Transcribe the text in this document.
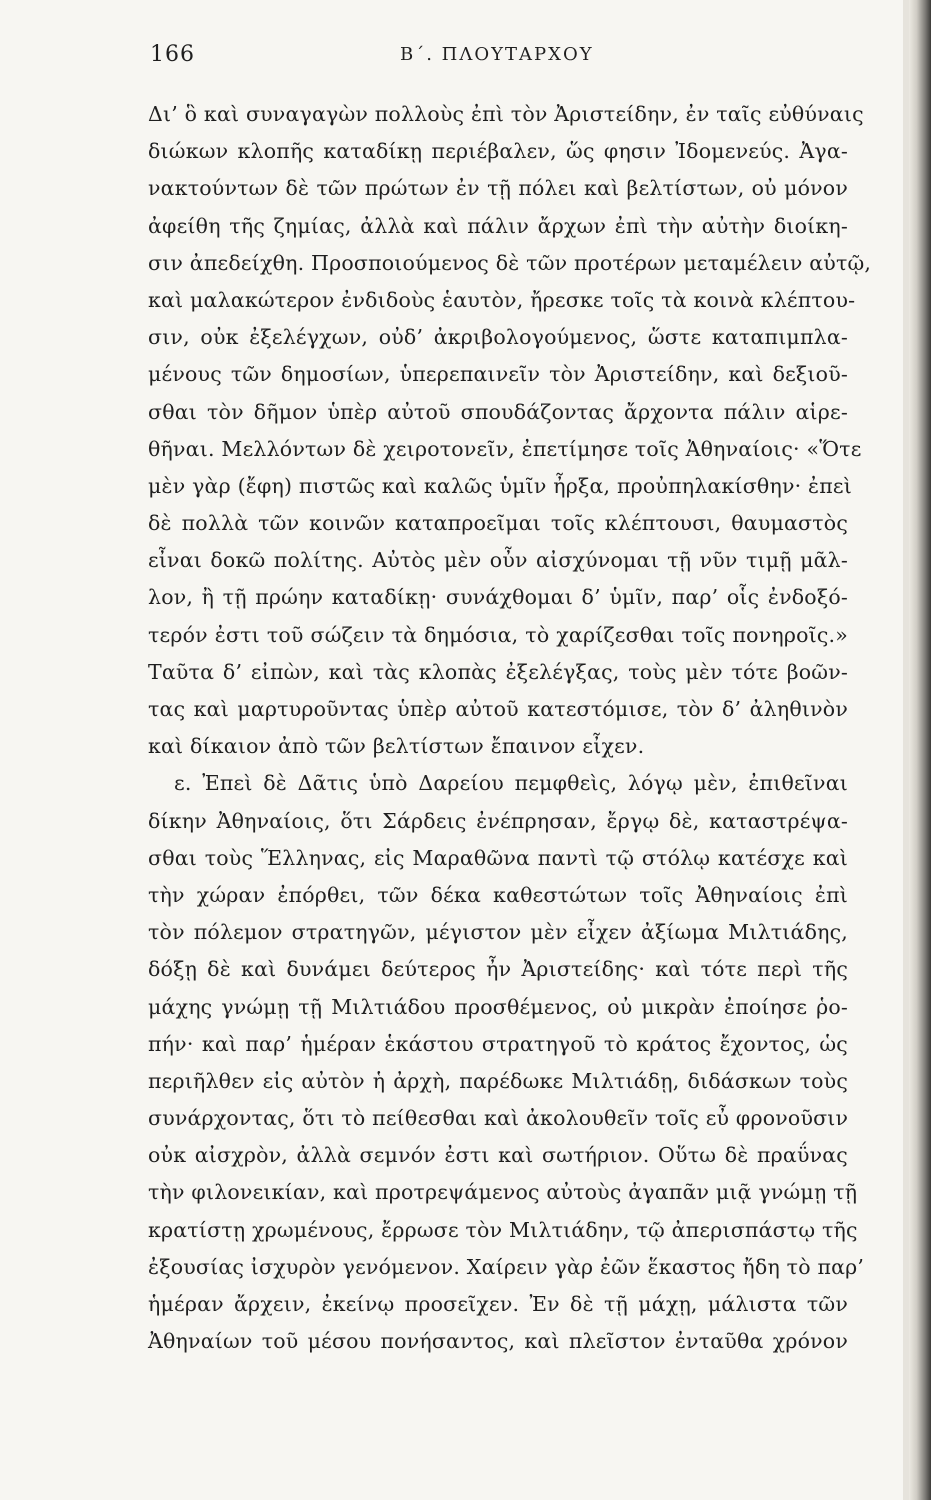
166	Β΄. ΠΛΟΥΤΑΡΧΟΥ
Δι’ ὃ καὶ συναγαγὼν πολλοὺς ἐπὶ τὸν Ἀριστείδην, ἐν ταῖς εὐθύναις
διώκων κλοπῆς καταδίκῃ περιέβαλεν, ὥς φησιν Ἰδομενεύς. Ἀγα-
νακτούντων δὲ τῶν πρώτων ἐν τῇ πόλει καὶ βελτίστων, οὐ μόνον
ἀφείθη τῆς ζημίας, ἀλλὰ καὶ πάλιν ἄρχων ἐπὶ τὴν αὐτὴν διοίκη-
σιν ἀπεδείχθη. Προσποιούμενος δὲ τῶν προτέρων μεταμέλειν αὐτῷ,
καὶ μαλακώτερον ἐνδιδοὺς ἑαυτὸν, ἤρεσκε τοῖς τὰ κοινὰ κλέπτου-
σιν, οὐκ ἐξελέγχων, οὐδ’ ἀκριβολογούμενος, ὥστε καταπιμπλα-
μένους τῶν δημοσίων, ὑπερεπαινεῖν τὸν Ἀριστείδην, καὶ δεξιοῦ-
σθαι τὸν δῆμον ὑπὲρ αὐτοῦ σπουδάζοντας ἄρχοντα πάλιν αἱρε-
θῆναι. Μελλόντων δὲ χειροτονεῖν, ἐπετίμησε τοῖς Ἀθηναίοις· «Ὅτε
μὲν γὰρ (ἔφη) πιστῶς καὶ καλῶς ὑμῖν ἦρξα, προὐπηλακίσθην· ἐπεὶ
δὲ πολλὰ τῶν κοινῶν καταπροεῖμαι τοῖς κλέπτουσι, θαυμαστὸς
εἶναι δοκῶ πολίτης. Αὐτὸς μὲν οὖν αἰσχύνομαι τῇ νῦν τιμῇ μᾶλ-
λον, ἢ τῇ πρώην καταδίκῃ· συνάχθομαι δ’ ὑμῖν, παρ’ οἷς ἐνδοξό-
τερόν ἐστι τοῦ σώζειν τὰ δημόσια, τὸ χαρίζεσθαι τοῖς πονηροῖς.»
Ταῦτα δ’ εἰπὼν, καὶ τὰς κλοπὰς ἐξελέγξας, τοὺς μὲν τότε βοῶν-
τας καὶ μαρτυροῦντας ὑπὲρ αὐτοῦ κατεστόμισε, τὸν δ’ ἀληθινὸν
καὶ δίκαιον ἀπὸ τῶν βελτίστων ἔπαινον εἶχεν.
ε. Ἐπεὶ δὲ Δᾶτις ὑπὸ Δαρείου πεμφθεὶς, λόγῳ μὲν, ἐπιθεῖναι
δίκην Ἀθηναίοις, ὅτι Σάρδεις ἐνέπρησαν, ἔργῳ δὲ, καταστρέψα-
σθαι τοὺς Ἕλληνας, εἰς Μαραθῶνα παντὶ τῷ στόλῳ κατέσχε καὶ
τὴν χώραν ἐπόρθει, τῶν δέκα καθεστώτων τοῖς Ἀθηναίοις ἐπὶ
τὸν πόλεμον στρατηγῶν, μέγιστον μὲν εἶχεν ἀξίωμα Μιλτιάδης,
δόξῃ δὲ καὶ δυνάμει δεύτερος ἦν Ἀριστείδης· καὶ τότε περὶ τῆς
μάχης γνώμῃ τῇ Μιλτιάδου προσθέμενος, οὐ μικρὰν ἐποίησε ῥο-
πήν· καὶ παρ’ ἡμέραν ἑκάστου στρατηγοῦ τὸ κράτος ἔχοντος, ὡς
περιῆλθεν εἰς αὐτὸν ἡ ἀρχὴ, παρέδωκε Μιλτιάδῃ, διδάσκων τοὺς
συνάρχοντας, ὅτι τὸ πείθεσθαι καὶ ἀκολουθεῖν τοῖς εὖ φρονοῦσιν
οὐκ αἰσχρὸν, ἀλλὰ σεμνόν ἐστι καὶ σωτήριον. Οὕτω δὲ πραΰνας
τὴν φιλονεικίαν, καὶ προτρεψάμενος αὐτοὺς ἀγαπᾶν μιᾷ γνώμῃ τῇ
κρατίστῃ χρωμένους, ἔρρωσε τὸν Μιλτιάδην, τῷ ἀπερισπάστῳ τῆς
ἐξουσίας ἰσχυρὸν γενόμενον. Χαίρειν γὰρ ἐῶν ἕκαστος ἤδη τὸ παρ’
ἡμέραν ἄρχειν, ἐκείνῳ προσεῖχεν. Ἐν δὲ τῇ μάχῃ, μάλιστα τῶν
Ἀθηναίων τοῦ μέσου πονήσαντος, καὶ πλεῖστον ἐνταῦθα χρόνον
